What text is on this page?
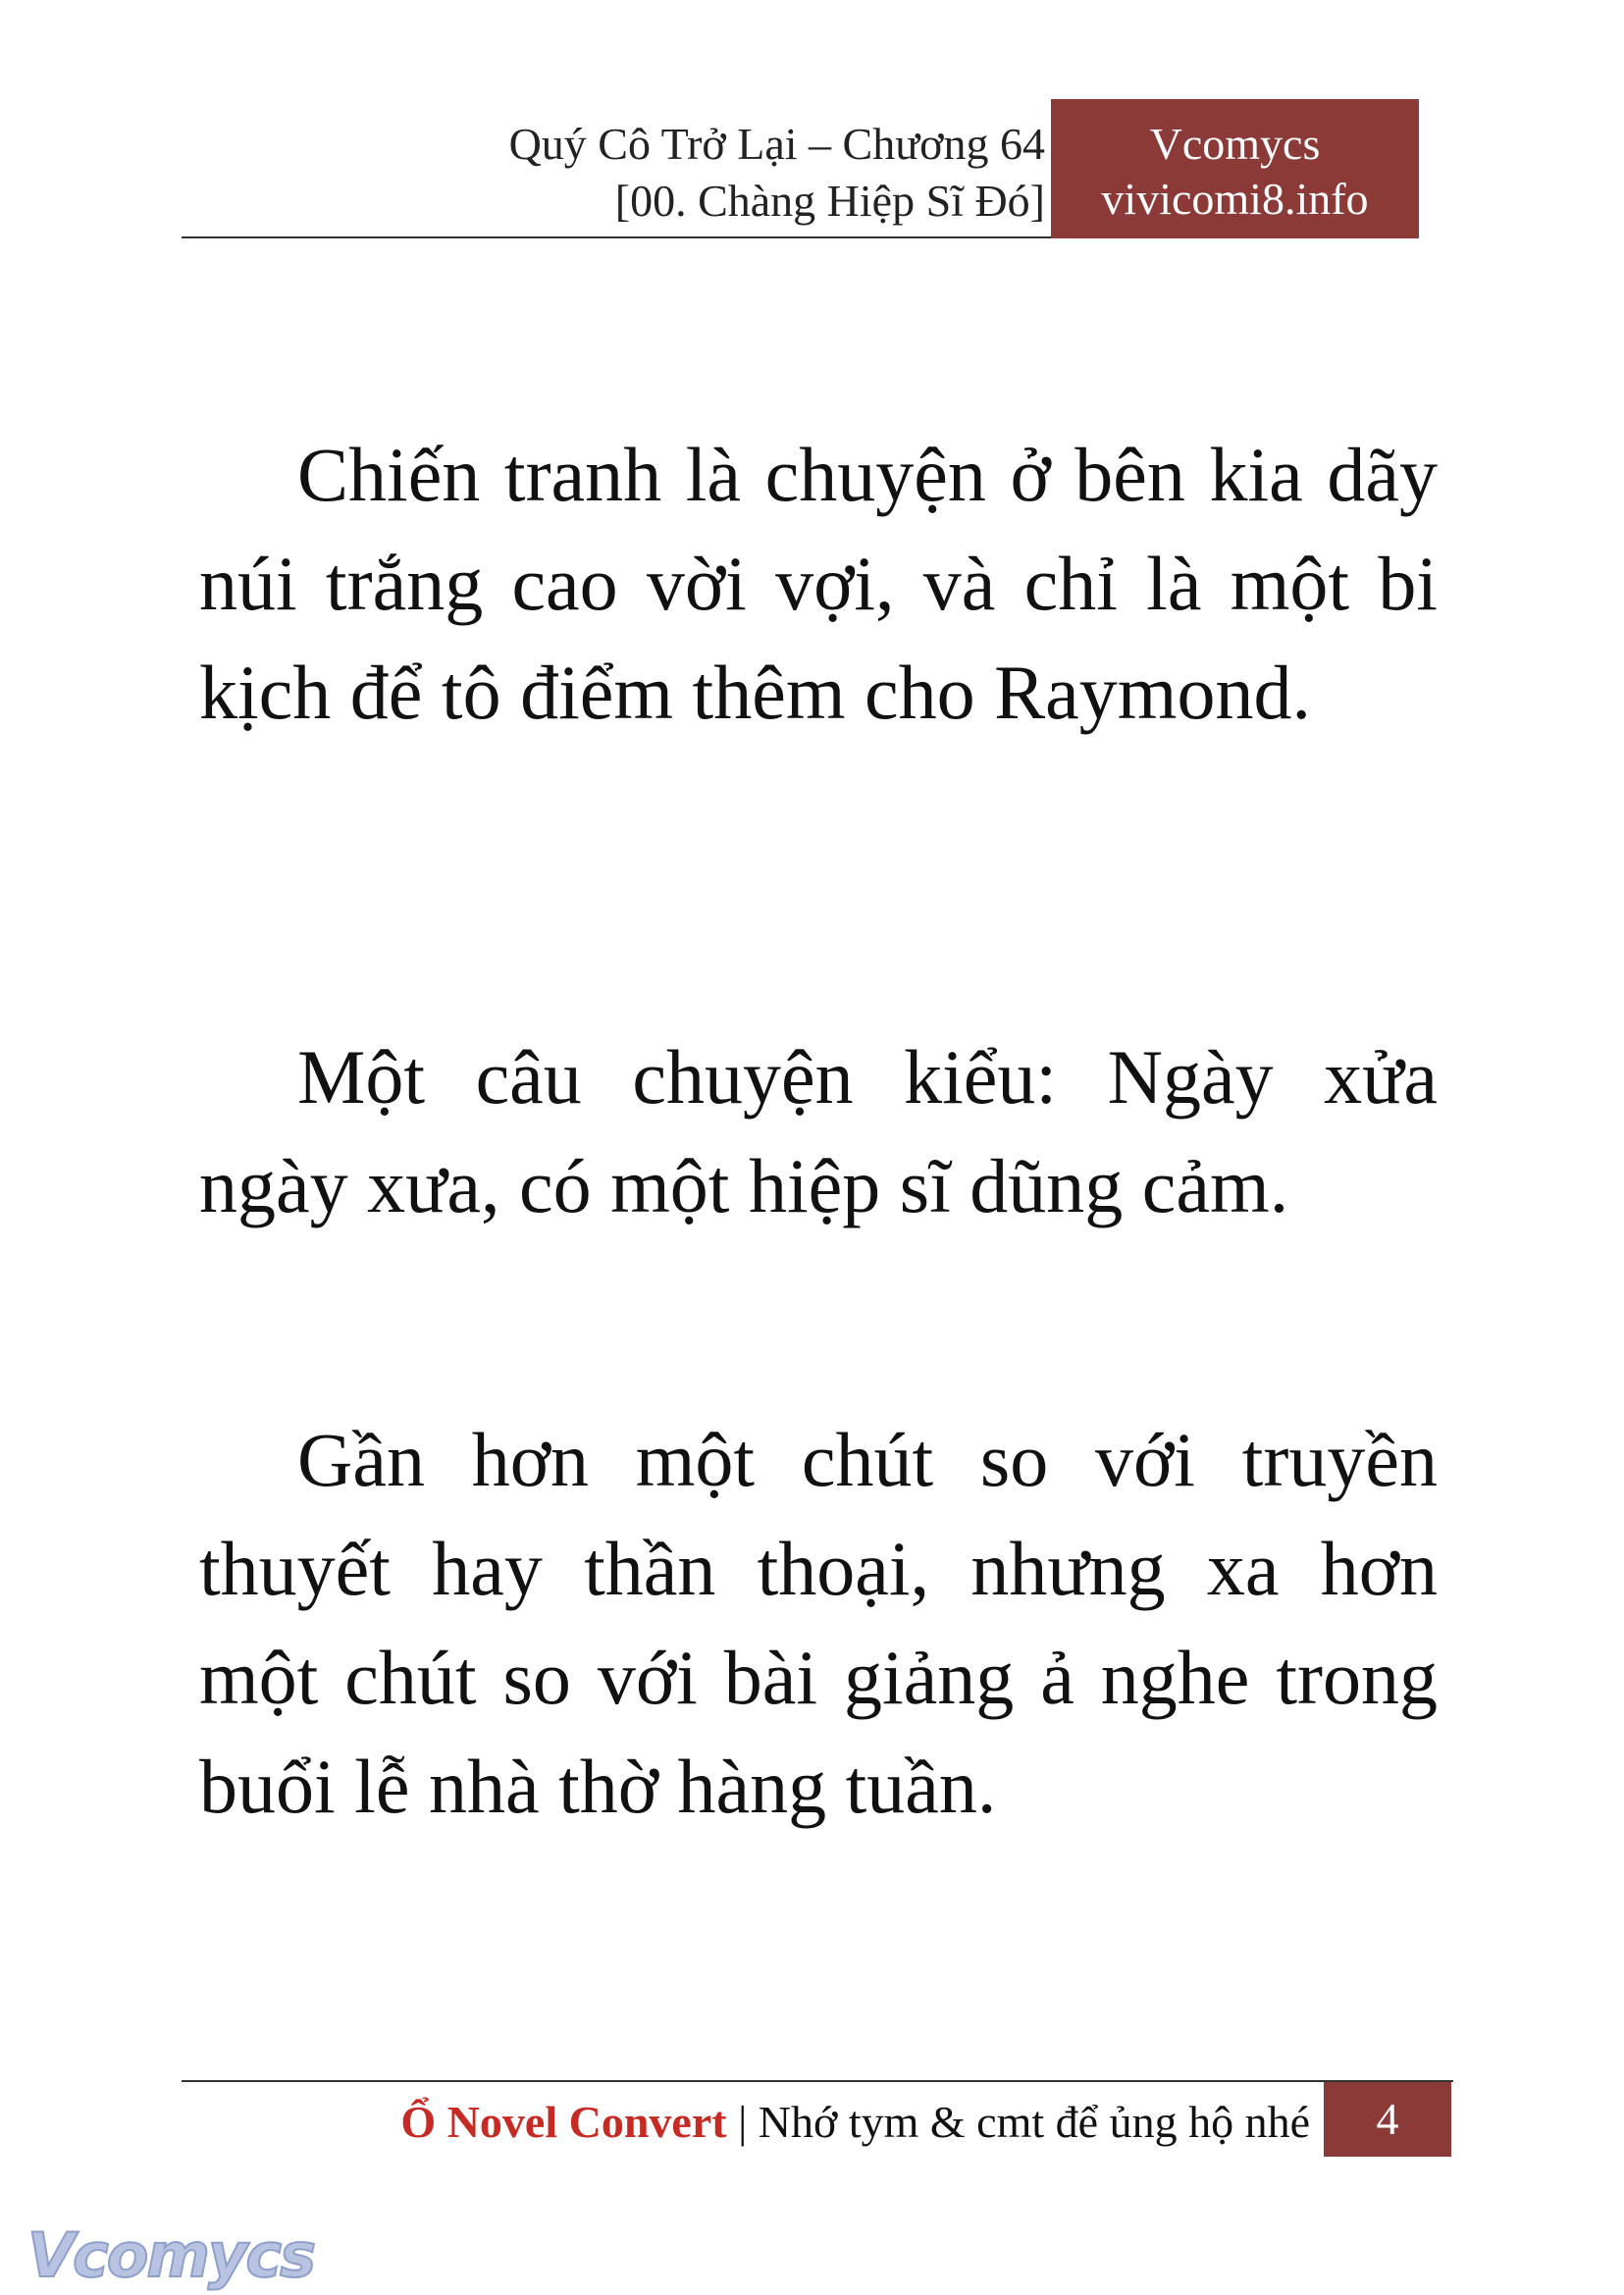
Quý Cô Trở Lại – Chương 64
[00. Chàng Hiệp Sĩ Đó]
Vcomycs
vivicomi8.info

Chiến tranh là chuyện ở bên kia dãy núi trắng cao vời vợi, và chỉ là một bi kịch để tô điểm thêm cho Raymond.

Một câu chuyện kiểu: Ngày xửa ngày xưa, có một hiệp sĩ dũng cảm.

Gần hơn một chút so với truyền thuyết hay thần thoại, nhưng xa hơn một chút so với bài giảng ả nghe trong buổi lễ nhà thờ hàng tuần.

Ổ Novel Convert | Nhớ tym & cmt để ủng hộ nhé	4
Vcomycs
